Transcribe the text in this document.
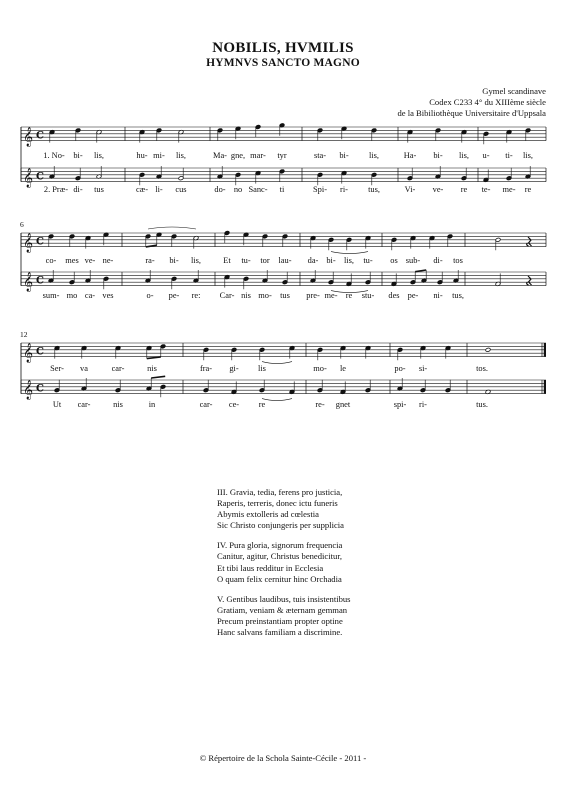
NOBILIS, HVMILIS
HYMNVS SANCTO MAGNO
Gymel scandinave
Codex C233 4° du XIIIème siècle
de la Bibiliothèque Universitaire d'Uppsala
𝄞 C
𝄞 C
1. No- bi- lis,	hu- mi- lis,	Ma- gne, mar- tyr	sta- bi- lis,	Ha- bi- lis, u- ti- lis,
2. Præ- di- tus	cæ- li- cus	do- no Sanc- ti	Spi- ri- tus,	Vi- ve- re te- me- re
𝄞 C
𝄞 C
6
co- mes ve- ne-	ra- bi- lis,	Et tu- tor lau- da- bi- lis, tu- os sub- di- tos
sum- mo ca- ves	o- pe- re: Car- nis mo- tus pre- me- re stu- des pe- ni- tus,
𝄞 C
𝄞 C
12
Ser- va	car-	nis	fra- gi- lis	mo- le	po- si-	tos.
Ut car-	nis	in	car- ce- re	re- gnet	spi- ri-	tus.
III. Gravia, tedia, ferens pro justicia,
Raperis, terreris, donec ictu funeris
Abymis extolleris ad cœlestia
Sic Christo conjungeris per supplicia
IV. Pura gloria, signorum frequencia
Canitur, agitur, Christus benedicitur,
Et tibi laus redditur in Ecclesia
O quam felix cernitur hinc Orchadia
V. Gentibus laudibus, tuis insistentibus
Gratiam, veniam & æternam gemman
Precum preinstantiam propter optine
Hanc salvans familiam a discrimine.
© Répertoire de la Schola Sainte-Cécile - 2011 -
